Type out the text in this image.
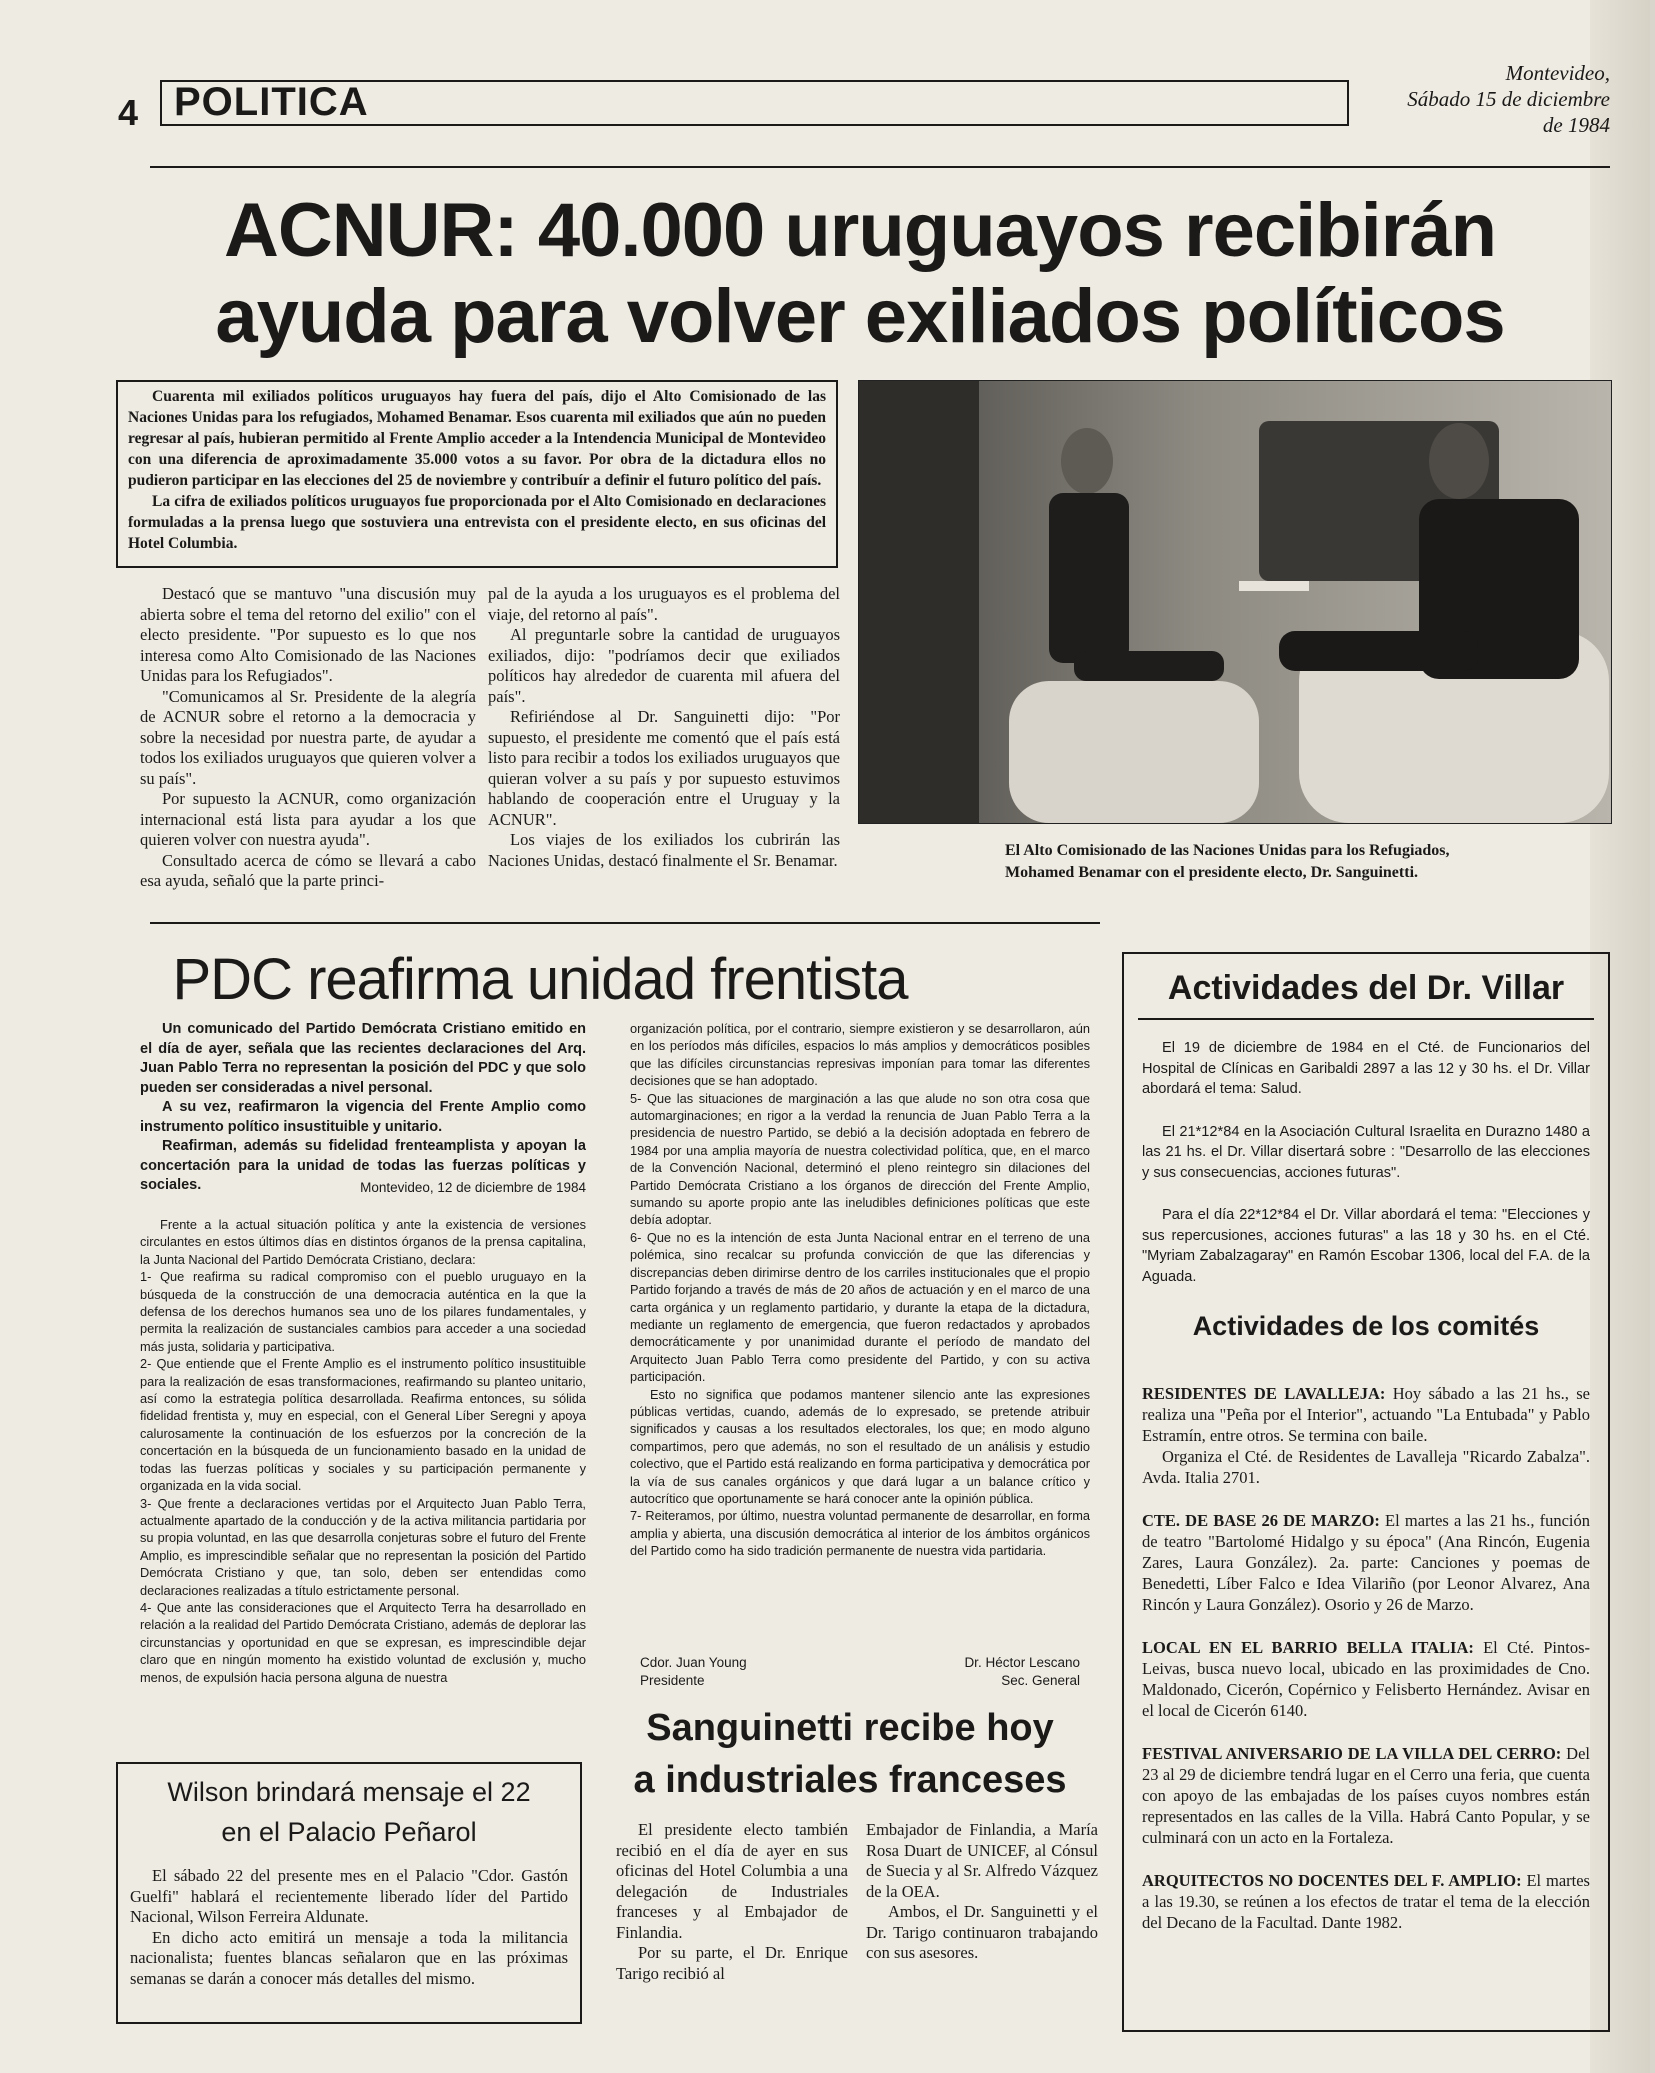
4 POLITICA
Montevideo,
Sábado 15 de diciembre
de 1984
ACNUR: 40.000 uruguayos recibirán
ayuda para volver exiliados políticos

Cuarenta mil exiliados políticos uruguayos hay fuera del país, dijo el Alto Comisionado de las Naciones Unidas para los refugiados, Mohamed Benamar. Esos cuarenta mil exiliados que aún no pueden regresar al país, hubieran permitido al Frente Amplio acceder a la Intendencia Municipal de Montevideo con una diferencia de aproximadamente 35.000 votos a su favor. Por obra de la dictadura ellos no pudieron participar en las elecciones del 25 de noviembre y contribuír a definir el futuro político del país.

La cifra de exiliados políticos uruguayos fue proporcionada por el Alto Comisionado en declaraciones formuladas a la prensa luego que sostuviera una entrevista con el presidente electo, en sus oficinas del Hotel Columbia.

Destacó que se mantuvo "una discusión muy abierta sobre el tema del retorno del exilio" con el electo presidente. "Por supuesto es lo que nos interesa como Alto Comisionado de las Naciones Unidas para los Refugiados".

"Comunicamos al Sr. Presidente de la alegría de ACNUR sobre el retorno a la democracia y sobre la necesidad por nuestra parte, de ayudar a todos los exiliados uruguayos que quieren volver a su país".

Por supuesto la ACNUR, como organización internacional está lista para ayudar a los que quieren volver con nuestra ayuda".

Consultado acerca de cómo se llevará a cabo esa ayuda, señaló que la parte princi-

pal de la ayuda a los uruguayos es el problema del viaje, del retorno al país".

Al preguntarle sobre la cantidad de uruguayos exiliados, dijo: "podríamos decir que exiliados políticos hay alrededor de cuarenta mil afuera del país".

Refiriéndose al Dr. Sanguinetti dijo: "Por supuesto, el presidente me comentó que el país está listo para recibir a todos los exiliados uruguayos que quieran volver a su país y por supuesto estuvimos hablando de cooperación entre el Uruguay y la ACNUR".

Los viajes de los exiliados los cubrirán las Naciones Unidas, destacó finalmente el Sr. Benamar.	El Alto Comisionado de las Naciones Unidas para los Refugiados, Mohamed Benamar con el presidente electo, Dr. Sanguinetti.
PDC reafirma unidad frentista

Un comunicado del Partido Demócrata Cristiano emitido en el día de ayer, señala que las recientes declaraciones del Arq. Juan Pablo Terra no representan la posición del PDC y que solo pueden ser consideradas a nivel personal.

A su vez, reafirmaron la vigencia del Frente Amplio como instrumento político insustituible y unitario.

Reafirman, además su fidelidad frenteamplista y apoyan la concertación para la unidad de todas las fuerzas políticas y sociales.	Montevideo, 12 de diciembre de 1984

Frente a la actual situación política y ante la existencia de versiones circulantes en estos últimos días en distintos órganos de la prensa capitalina, la Junta Nacional del Partido Demócrata Cristiano, declara:

1- Que reafirma su radical compromiso con el pueblo uruguayo en la búsqueda de la construcción de una democracia auténtica en la que la defensa de los derechos humanos sea uno de los pilares fundamentales, y permita la realización de sustanciales cambios para acceder a una sociedad más justa, solidaria y participativa.

2- Que entiende que el Frente Amplio es el instrumento político insustituible para la realización de esas transformaciones, reafirmando su planteo unitario, así como la estrategia política desarrollada. Reafirma entonces, su sólida fidelidad frentista y, muy en especial, con el General Líber Seregni y apoya calurosamente la continuación de los esfuerzos por la concreción de la concertación en la búsqueda de un funcionamiento basado en la unidad de todas las fuerzas políticas y sociales y su participación permanente y organizada en la vida social.

3- Que frente a declaraciones vertidas por el Arquitecto Juan Pablo Terra, actualmente apartado de la conducción y de la activa militancia partidaria por su propia voluntad, en las que desarrolla conjeturas sobre el futuro del Frente Amplio, es imprescindible señalar que no representan la posición del Partido Demócrata Cristiano y que, tan solo, deben ser entendidas como declaraciones realizadas a título estrictamente personal.

4- Que ante las consideraciones que el Arquitecto Terra ha desarrollado en relación a la realidad del Partido Demócrata Cristiano, además de deplorar las circunstancias y oportunidad en que se expresan, es imprescindible dejar claro que en ningún momento ha existido voluntad de exclusión y, mucho menos, de expulsión hacia persona alguna de nuestra

organización política, por el contrario, siempre existieron y se desarrollaron, aún en los períodos más difíciles, espacios lo más amplios y democráticos posibles que las difíciles circunstancias represivas imponían para tomar las diferentes decisiones que se han adoptado.

5- Que las situaciones de marginación a las que alude no son otra cosa que automarginaciones; en rigor a la verdad la renuncia de Juan Pablo Terra a la presidencia de nuestro Partido, se debió a la decisión adoptada en febrero de 1984 por una amplia mayoría de nuestra colectividad política, que, en el marco de la Convención Nacional, determinó el pleno reintegro sin dilaciones del Partido Demócrata Cristiano a los órganos de dirección del Frente Amplio, sumando su aporte propio ante las ineludibles definiciones políticas que este debía adoptar.

6- Que no es la intención de esta Junta Nacional entrar en el terreno de una polémica, sino recalcar su profunda convicción de que las diferencias y discrepancias deben dirimirse dentro de los carriles institucionales que el propio Partido forjando a través de más de 20 años de actuación y en el marco de una carta orgánica y un reglamento partidario, y durante la etapa de la dictadura, mediante un reglamento de emergencia, que fueron redactados y aprobados democráticamente y por unanimidad durante el período de mandato del Arquitecto Juan Pablo Terra como presidente del Partido, y con su activa participación.

Esto no significa que podamos mantener silencio ante las expresiones públicas vertidas, cuando, además de lo expresado, se pretende atribuir significados y causas a los resultados electorales, los que; en modo alguno compartimos, pero que además, no son el resultado de un análisis y estudio colectivo, que el Partido está realizando en forma participativa y democrática por la vía de sus canales orgánicos y que dará lugar a un balance crítico y autocrítico que oportunamente se hará conocer ante la opinión pública.

7- Reiteramos, por último, nuestra voluntad permanente de desarrollar, en forma amplia y abierta, una discusión democrática al interior de los ámbitos orgánicos del Partido como ha sido tradición permanente de nuestra vida partidaria.

Cdor. Juan Young
Presidente
Dr. Héctor Lescano
Sec. General
Wilson brindará mensaje el 22
en el Palacio Peñarol

El sábado 22 del presente mes en el Palacio "Cdor. Gastón Guelfi" hablará el recientemente liberado líder del Partido Nacional, Wilson Ferreira Aldunate.

En dicho acto emitirá un mensaje a toda la militancia nacionalista; fuentes blancas señalaron que en las próximas semanas se darán a conocer más detalles del mismo.

Sanguinetti recibe hoy
a industriales franceses

El presidente electo también recibió en el día de ayer en sus oficinas del Hotel Columbia a una delegación de Industriales franceses y al Embajador de Finlandia.

Por su parte, el Dr. Enrique Tarigo recibió al

Embajador de Finlandia, a María Rosa Duart de UNICEF, al Cónsul de Suecia y al Sr. Alfredo Vázquez de la OEA.

Ambos, el Dr. Sanguinetti y el Dr. Tarigo continuaron trabajando con sus asesores.

Actividades del Dr. Villar

El 19 de diciembre de 1984 en el Cté. de Funcionarios del Hospital de Clínicas en Garibaldi 2897 a las 12 y 30 hs. el Dr. Villar abordará el tema: Salud.

El 21*12*84 en la Asociación Cultural Israelita en Durazno 1480 a las 21 hs. el Dr. Villar disertará sobre : "Desarrollo de las elecciones y sus consecuencias, acciones futuras".

Para el día 22*12*84 el Dr. Villar abordará el tema: "Elecciones y sus repercusiones, acciones futuras" a las 18 y 30 hs. en el Cté. "Myriam Zabalzagaray" en Ramón Escobar 1306, local del F.A. de la Aguada.

Actividades de los comités

RESIDENTES DE LAVALLEJA: Hoy sábado a las 21 hs., se realiza una "Peña por el Interior", actuando "La Entubada" y Pablo Estramín, entre otros. Se termina con baile.
Organiza el Cté. de Residentes de Lavalleja "Ricardo Zabalza". Avda. Italia 2701.

CTE. DE BASE 26 DE MARZO: El martes a las 21 hs., función de teatro "Bartolomé Hidalgo y su época" (Ana Rincón, Eugenia Zares, Laura González). 2a. parte: Canciones y poemas de Benedetti, Líber Falco e Idea Vilariño (por Leonor Alvarez, Ana Rincón y Laura González). Osorio y 26 de Marzo.

LOCAL EN EL BARRIO BELLA ITALIA: El Cté. Pintos-Leivas, busca nuevo local, ubicado en las proximidades de Cno. Maldonado, Cicerón, Copérnico y Felisberto Hernández. Avisar en el local de Cicerón 6140.

FESTIVAL ANIVERSARIO DE LA VILLA DEL CERRO: Del 23 al 29 de diciembre tendrá lugar en el Cerro una feria, que cuenta con apoyo de las embajadas de los países cuyos nombres están representados en las calles de la Villa. Habrá Canto Popular, y se culminará con un acto en la Fortaleza.

ARQUITECTOS NO DOCENTES DEL F. AMPLIO: El martes a las 19.30, se reúnen a los efectos de tratar el tema de la elección del Decano de la Facultad. Dante 1982.
